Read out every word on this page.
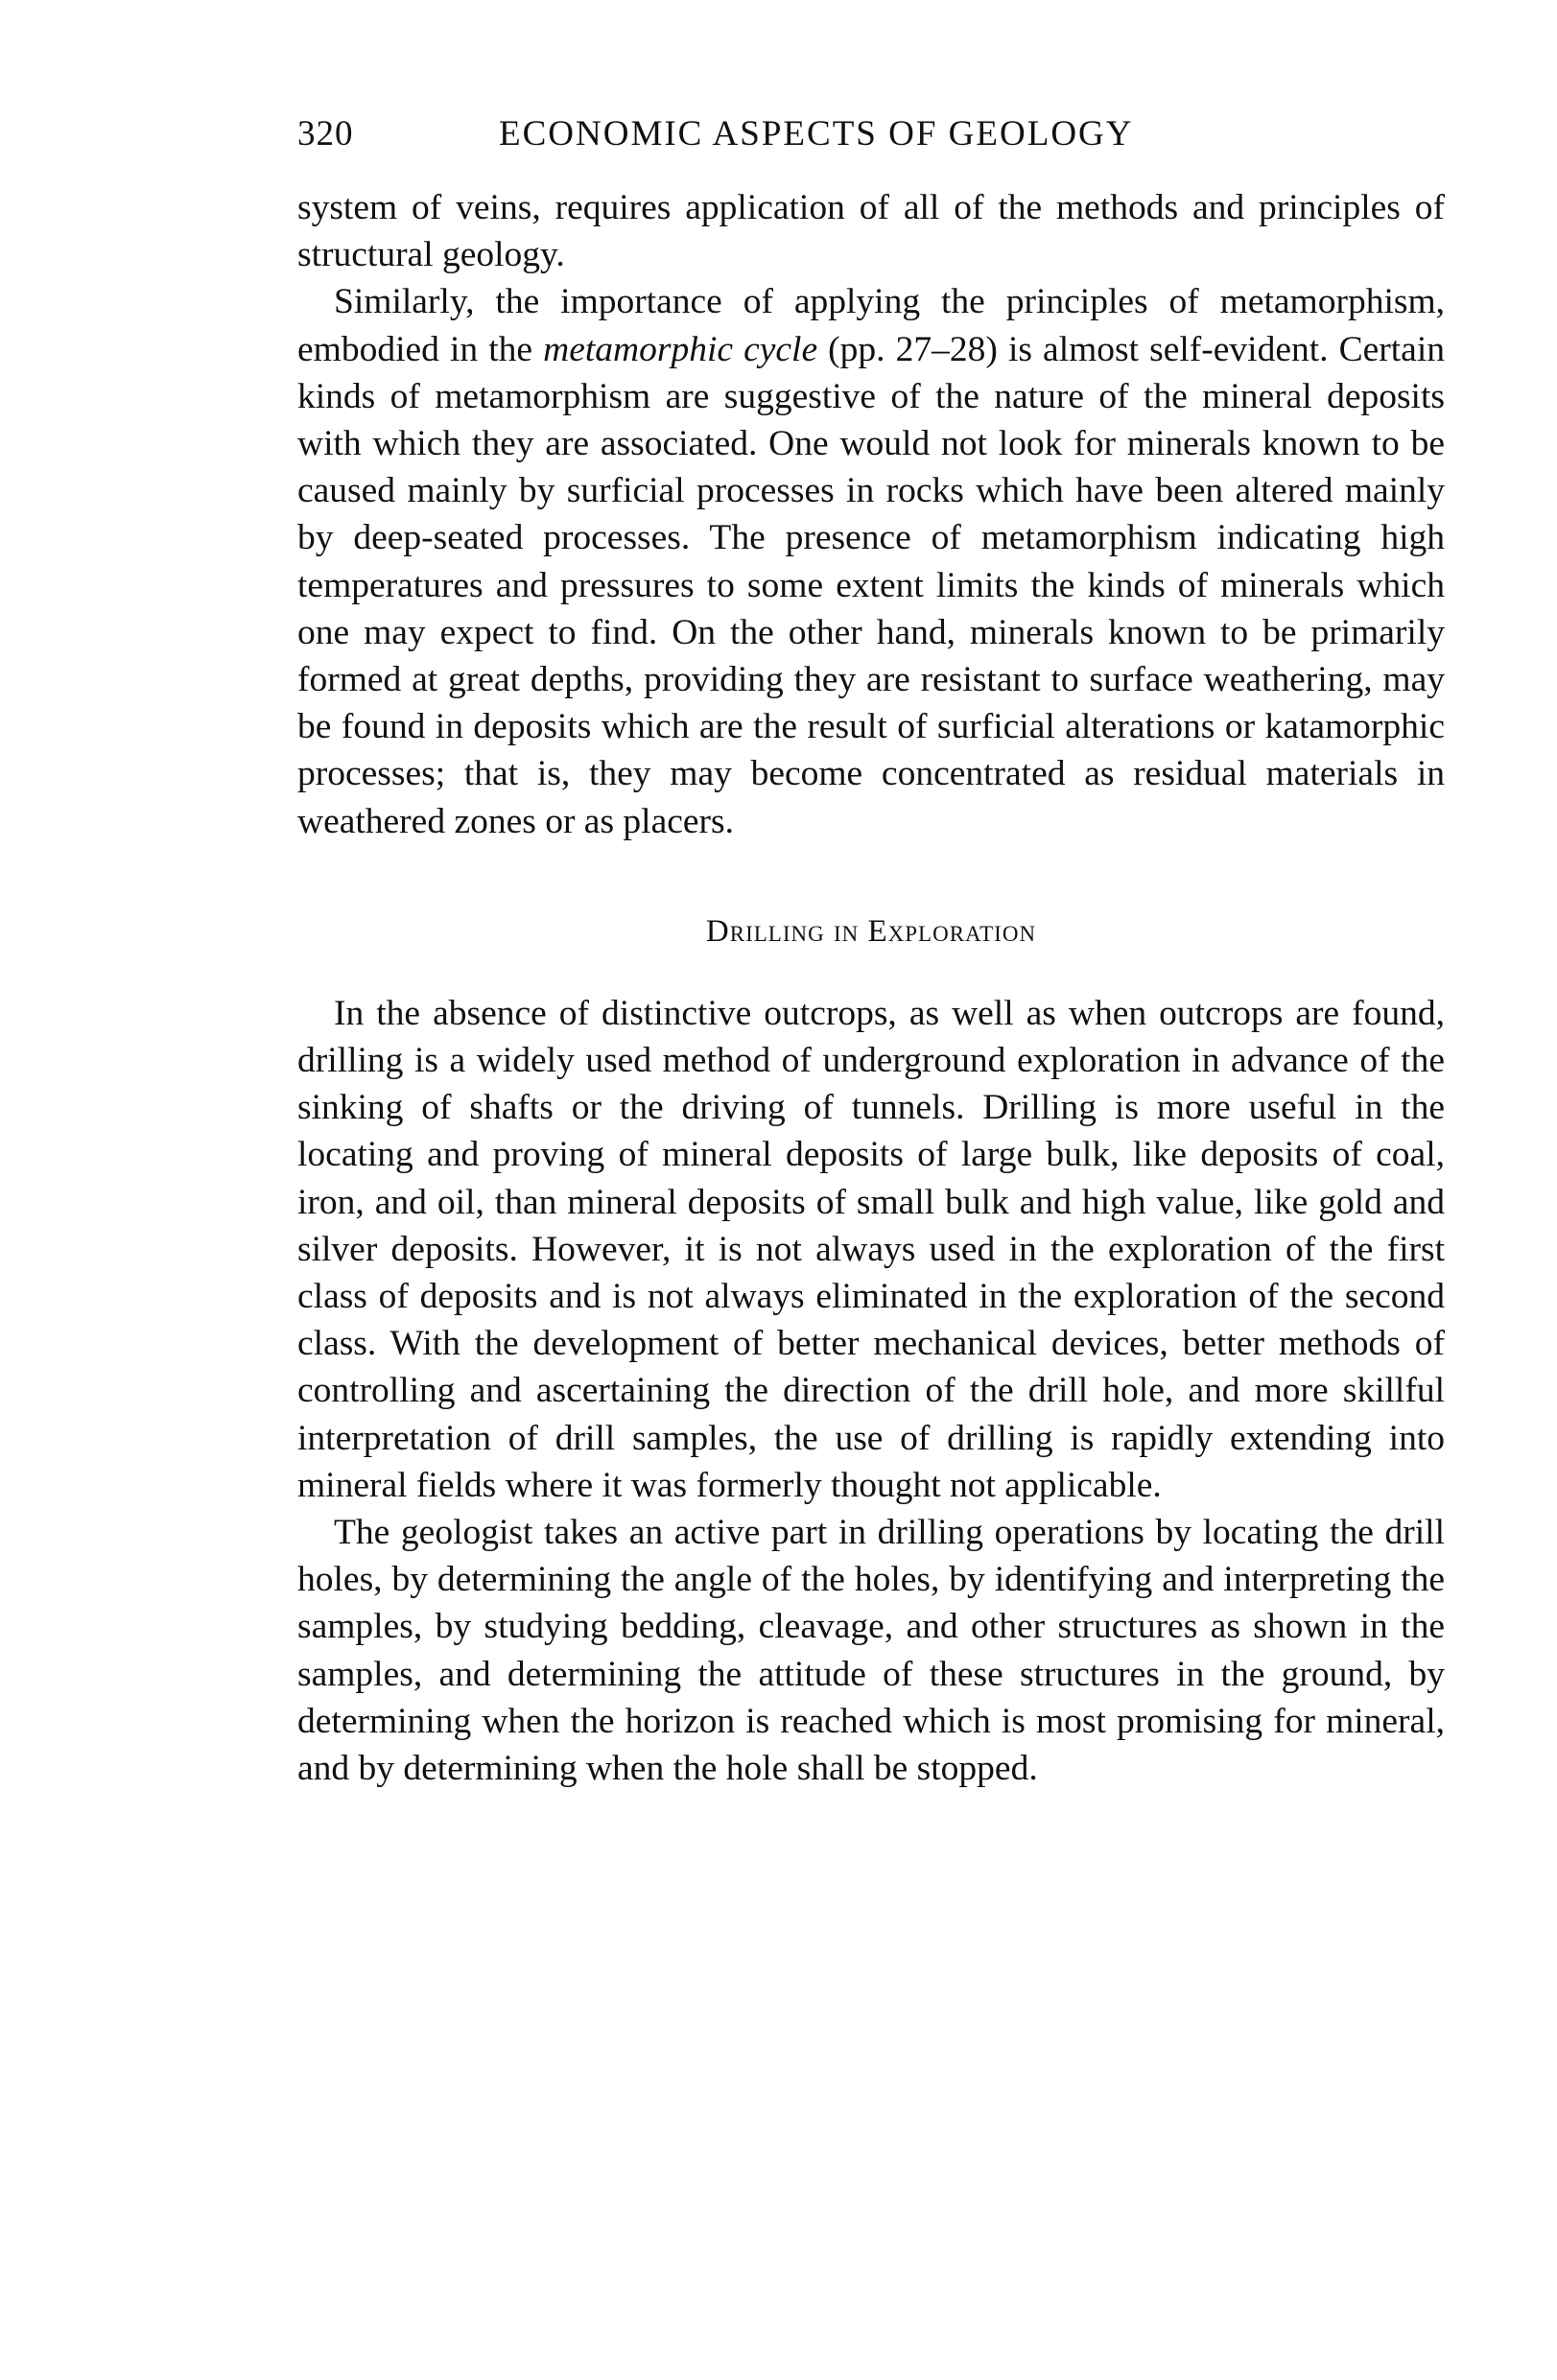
320	ECONOMIC ASPECTS OF GEOLOGY

system of veins, requires application of all of the methods and principles of structural geology.

Similarly, the importance of applying the principles of metamorphism, embodied in the metamorphic cycle (pp. 27–28) is almost self-evident. Certain kinds of metamorphism are suggestive of the nature of the mineral deposits with which they are associated. One would not look for minerals known to be caused mainly by surficial processes in rocks which have been altered mainly by deep-seated processes. The presence of metamorphism indicating high temperatures and pressures to some extent limits the kinds of minerals which one may expect to find. On the other hand, minerals known to be primarily formed at great depths, providing they are resistant to surface weathering, may be found in deposits which are the result of surficial alterations or katamorphic processes; that is, they may become concentrated as residual materials in weathered zones or as placers.

Drilling in Exploration

In the absence of distinctive outcrops, as well as when outcrops are found, drilling is a widely used method of underground exploration in advance of the sinking of shafts or the driving of tunnels. Drilling is more useful in the locating and proving of mineral deposits of large bulk, like deposits of coal, iron, and oil, than mineral deposits of small bulk and high value, like gold and silver deposits. However, it is not always used in the exploration of the first class of deposits and is not always eliminated in the exploration of the second class. With the development of better mechanical devices, better methods of controlling and ascertaining the direction of the drill hole, and more skillful interpretation of drill samples, the use of drilling is rapidly extending into mineral fields where it was formerly thought not applicable.

The geologist takes an active part in drilling operations by locating the drill holes, by determining the angle of the holes, by identifying and interpreting the samples, by studying bedding, cleavage, and other structures as shown in the samples, and determining the attitude of these structures in the ground, by determining when the horizon is reached which is most promising for mineral, and by determining when the hole shall be stopped.
